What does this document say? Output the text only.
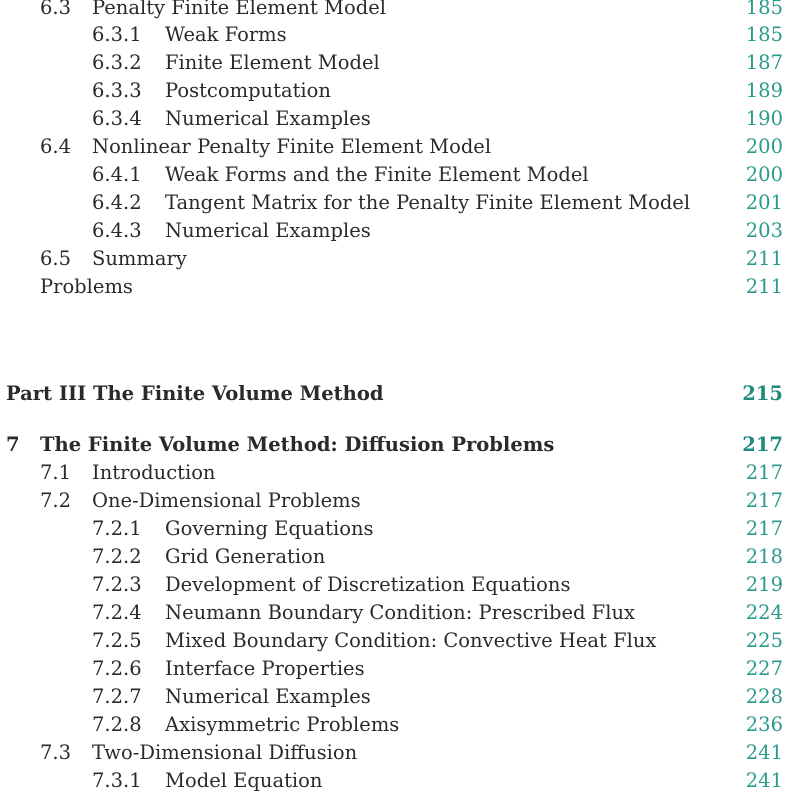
6.3 Penalty Finite Element Model	185
6.3.1 Weak Forms	185
6.3.2 Finite Element Model	187
6.3.3 Postcomputation	189
6.3.4 Numerical Examples	190
6.4 Nonlinear Penalty Finite Element Model	200
6.4.1 Weak Forms and the Finite Element Model	200
6.4.2 Tangent Matrix for the Penalty Finite Element Model	201
6.4.3 Numerical Examples	203
6.5 Summary	211
Problems	211
Part III The Finite Volume Method	215
7 The Finite Volume Method: Diffusion Problems	217
7.1 Introduction	217
7.2 One-Dimensional Problems	217
7.2.1 Governing Equations	217
7.2.2 Grid Generation	218
7.2.3 Development of Discretization Equations	219
7.2.4 Neumann Boundary Condition: Prescribed Flux	224
7.2.5 Mixed Boundary Condition: Convective Heat Flux	225
7.2.6 Interface Properties	227
7.2.7 Numerical Examples	228
7.2.8 Axisymmetric Problems	236
7.3 Two-Dimensional Diffusion	241
7.3.1 Model Equation	241
